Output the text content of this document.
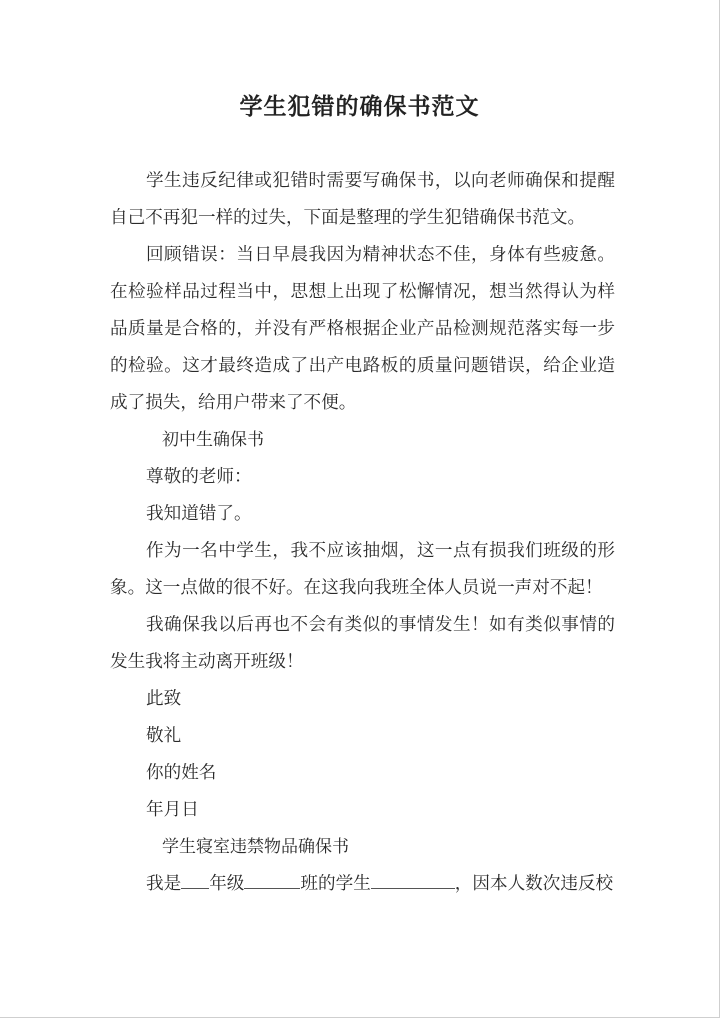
学生犯错的确保书范文

学生违反纪律或犯错时需要写确保书，以向老师确保和提醒自己不再犯一样的过失，下面是整理的学生犯错确保书范文。

回顾错误：当日早晨我因为精神状态不佳，身体有些疲惫。在检验样品过程当中，思想上出现了松懈情况，想当然得认为样品质量是合格的，并没有严格根据企业产品检测规范落实每一步的检验。这才最终造成了出产电路板的质量问题错误，给企业造成了损失，给用户带来了不便。

初中生确保书

尊敬的老师：

我知道错了。

作为一名中学生，我不应该抽烟，这一点有损我们班级的形象。这一点做的很不好。在这我向我班全体人员说一声对不起！

我确保我以后再也不会有类似的事情发生！如有类似事情的发生我将主动离开班级！

此致

敬礼

你的姓名

年月日

学生寝室违禁物品确保书

我是 年级	班的学生	，因本人数次违反校
